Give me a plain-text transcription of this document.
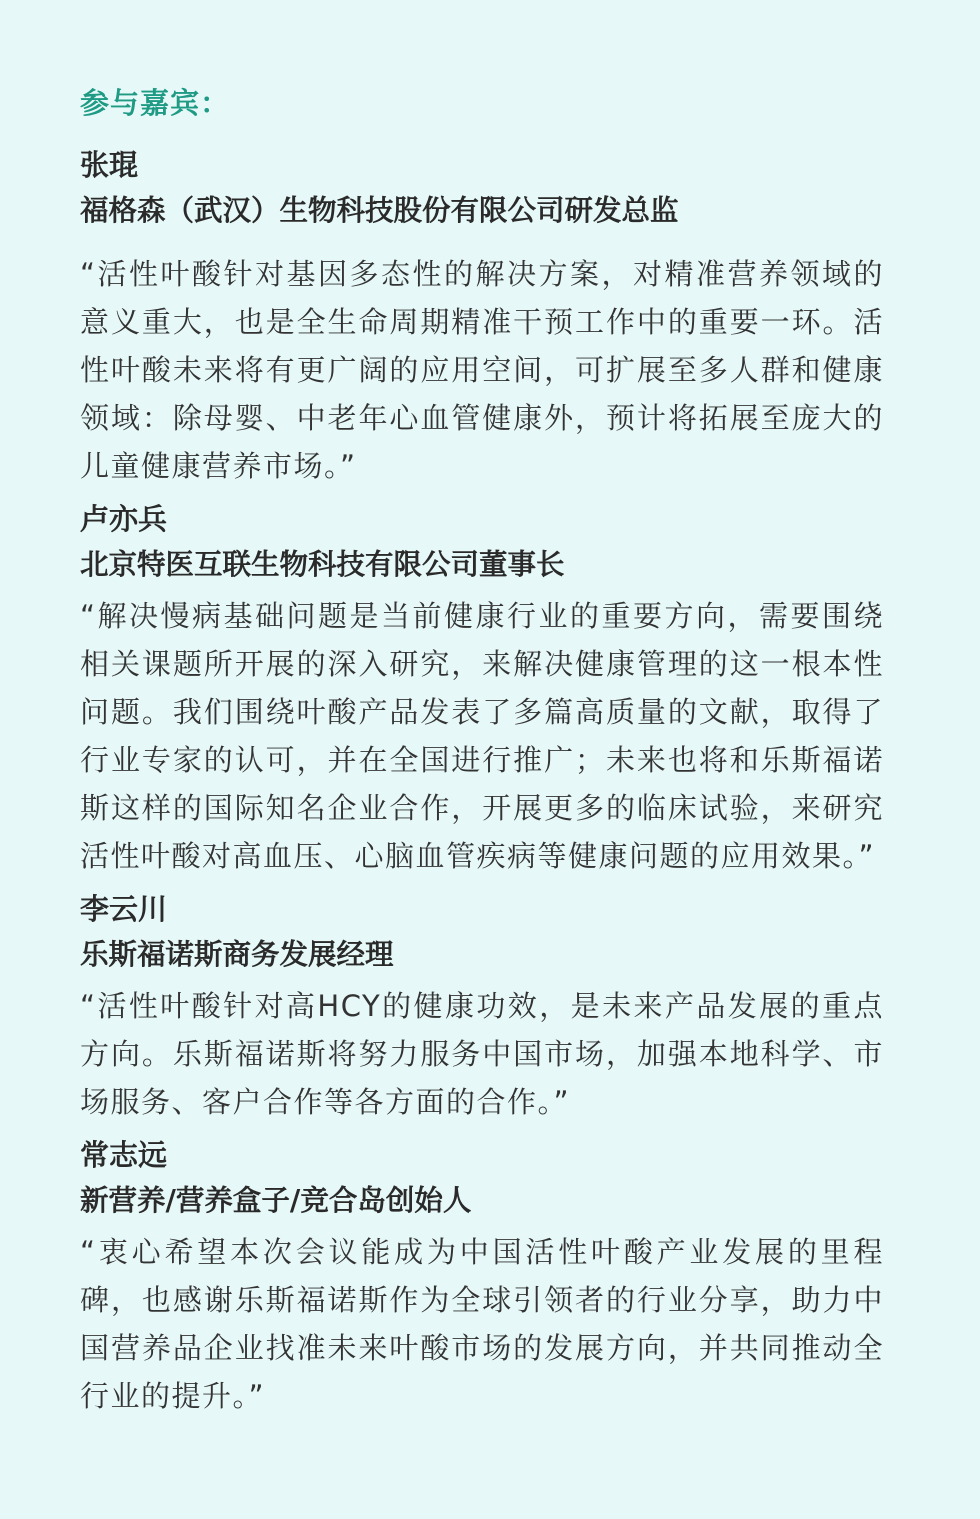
参与嘉宾：
张琨
福格森（武汉）生物科技股份有限公司研发总监
“活性叶酸针对基因多态性的解决方案，对精准营养领域的意义重大，也是全生命周期精准干预工作中的重要一环。活性叶酸未来将有更广阔的应用空间，可扩展至多人群和健康领域：除母婴、中老年心血管健康外，预计将拓展至庞大的儿童健康营养市场。”
卢亦兵
北京特医互联生物科技有限公司董事长
“解决慢病基础问题是当前健康行业的重要方向，需要围绕相关课题所开展的深入研究，来解决健康管理的这一根本性问题。我们围绕叶酸产品发表了多篇高质量的文献，取得了行业专家的认可，并在全国进行推广；未来也将和乐斯福诺斯这样的国际知名企业合作，开展更多的临床试验，来研究活性叶酸对高血压、心脑血管疾病等健康问题的应用效果。”
李云川
乐斯福诺斯商务发展经理
“活性叶酸针对高HCY的健康功效，是未来产品发展的重点方向。乐斯福诺斯将努力服务中国市场，加强本地科学、市场服务、客户合作等各方面的合作。”
常志远
新营养/营养盒子/竞合岛创始人
“衷心希望本次会议能成为中国活性叶酸产业发展的里程碑，也感谢乐斯福诺斯作为全球引领者的行业分享，助力中国营养品企业找准未来叶酸市场的发展方向，并共同推动全行业的提升。”
